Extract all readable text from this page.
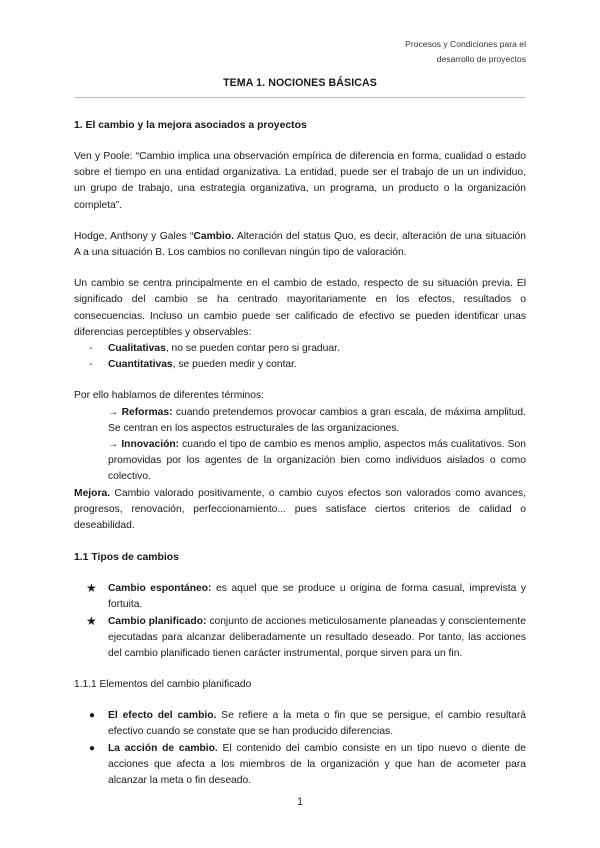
Procesos y Condiciones para el
desarrollo de proyectos
TEMA 1. NOCIONES BÁSICAS
1. El cambio y la mejora asociados a proyectos

Ven y Poole: “Cambio implica una observación empírica de diferencia en forma, cualidad o estado sobre el tiempo en una entidad organizativa. La entidad, puede ser el trabajo de un un individuo, un grupo de trabajo, una estrategia organizativa, un programa, un producto o la organización completa”.

Hodge, Anthony y Gales “Cambio. Alteración del status Quo, es decir, alteración de una situación A a una situación B. Los cambios no conllevan ningún tipo de valoración.

Un cambio se centra principalmente en el cambio de estado, respecto de su situación previa. El significado del cambio se ha centrado mayoritariamente en los efectos, resultados o consecuencias. Incluso un cambio puede ser calificado de efectivo se pueden identificar unas diferencias perceptibles y observables:

- Cualitativas, no se pueden contar pero si graduar.
- Cuantitativas, se pueden medir y contar.

Por ello hablamos de diferentes términos:

→ Reformas: cuando pretendemos provocar cambios a gran escala, de máxima amplitud. Se centran en los aspectos estructurales de las organizaciones.

→ Innovación: cuando el tipo de cambio es menos amplio, aspectos más cualitativos. Son promovidas por los agentes de la organización bien como individuos aislados o como colectivo.

Mejora. Cambio valorado positivamente, o cambio cuyos efectos son valorados como avances, progresos, renovación, perfeccionamiento... pues satisface ciertos criterios de calidad o deseabilidad.

1.1 Tipos de cambios
★ Cambio espontáneo: es aquel que se produce u origina de forma casual, imprevista y fortuita.
★ Cambio planificado: conjunto de acciones meticulosamente planeadas y conscientemente ejecutadas para alcanzar deliberadamente un resultado deseado. Por tanto, las acciones del cambio planificado tienen carácter instrumental, porque sirven para un fin.
1.1.1 Elementos del cambio planificado
● El efecto del cambio. Se refiere a la meta o fin que se persigue, el cambio resultará efectivo cuando se constate que se han producido diferencias.
● La acción de cambio. El contenido del cambio consiste en un tipo nuevo o diente de acciones que afecta a los miembros de la organización y que han de acometer para alcanzar la meta o fin deseado.
1
